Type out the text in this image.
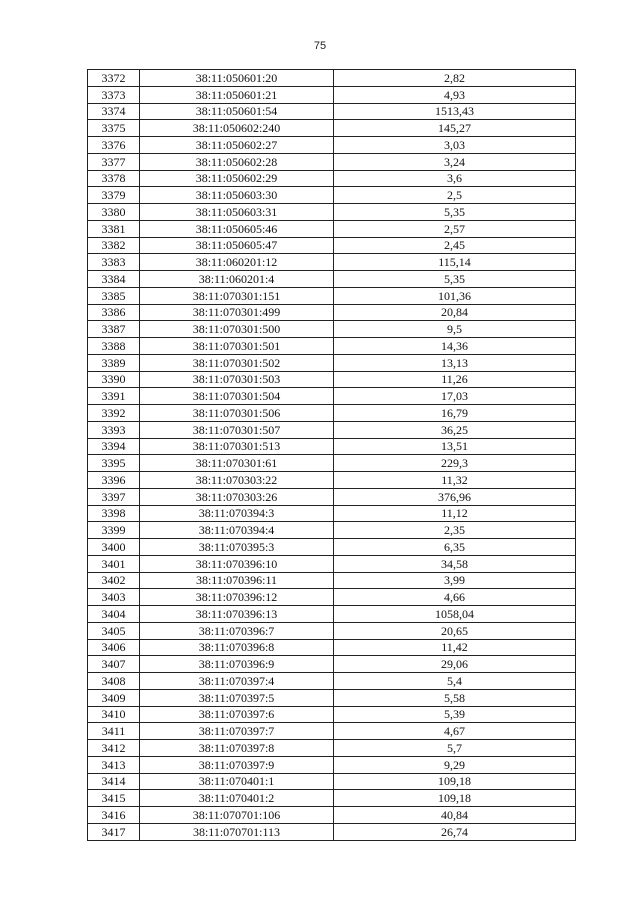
75
3372	38:11:050601:20	2,82
3373	38:11:050601:21	4,93
3374	38:11:050601:54	1513,43
3375	38:11:050602:240	145,27
3376	38:11:050602:27	3,03
3377	38:11:050602:28	3,24
3378	38:11:050602:29	3,6
3379	38:11:050603:30	2,5
3380	38:11:050603:31	5,35
3381	38:11:050605:46	2,57
3382	38:11:050605:47	2,45
3383	38:11:060201:12	115,14
3384	38:11:060201:4	5,35
3385	38:11:070301:151	101,36
3386	38:11:070301:499	20,84
3387	38:11:070301:500	9,5
3388	38:11:070301:501	14,36
3389	38:11:070301:502	13,13
3390	38:11:070301:503	11,26
3391	38:11:070301:504	17,03
3392	38:11:070301:506	16,79
3393	38:11:070301:507	36,25
3394	38:11:070301:513	13,51
3395	38:11:070301:61	229,3
3396	38:11:070303:22	11,32
3397	38:11:070303:26	376,96
3398	38:11:070394:3	11,12
3399	38:11:070394:4	2,35
3400	38:11:070395:3	6,35
3401	38:11:070396:10	34,58
3402	38:11:070396:11	3,99
3403	38:11:070396:12	4,66
3404	38:11:070396:13	1058,04
3405	38:11:070396:7	20,65
3406	38:11:070396:8	11,42
3407	38:11:070396:9	29,06
3408	38:11:070397:4	5,4
3409	38:11:070397:5	5,58
3410	38:11:070397:6	5,39
3411	38:11:070397:7	4,67
3412	38:11:070397:8	5,7
3413	38:11:070397:9	9,29
3414	38:11:070401:1	109,18
3415	38:11:070401:2	109,18
3416	38:11:070701:106	40,84
3417	38:11:070701:113	26,74
